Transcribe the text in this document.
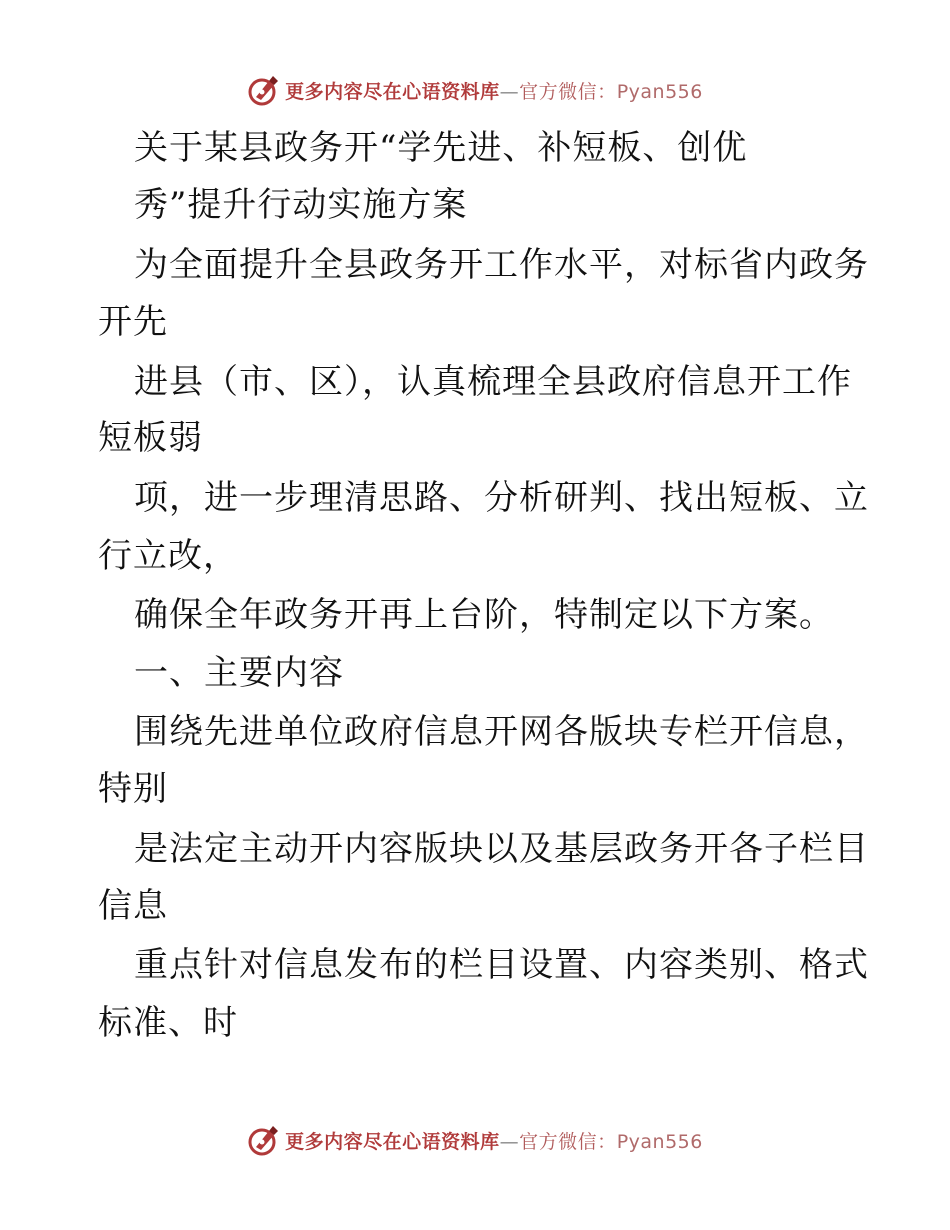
更多内容尽在心语资料库—官方微信：Pyan556
关于某县政务开“学先进、补短板、创优
秀”提升行动实施方案
为全面提升全县政务开工作水平，对标省内政务
开先
进县（市、区），认真梳理全县政府信息开工作
短板弱
项，进一步理清思路、分析研判、找出短板、立
行立改，
确保全年政务开再上台阶，特制定以下方案。
一、主要内容
围绕先进单位政府信息开网各版块专栏开信息，
特别
是法定主动开内容版块以及基层政务开各子栏目
信息
重点针对信息发布的栏目设置、内容类别、格式
标准、时
更多内容尽在心语资料库—官方微信：Pyan556
